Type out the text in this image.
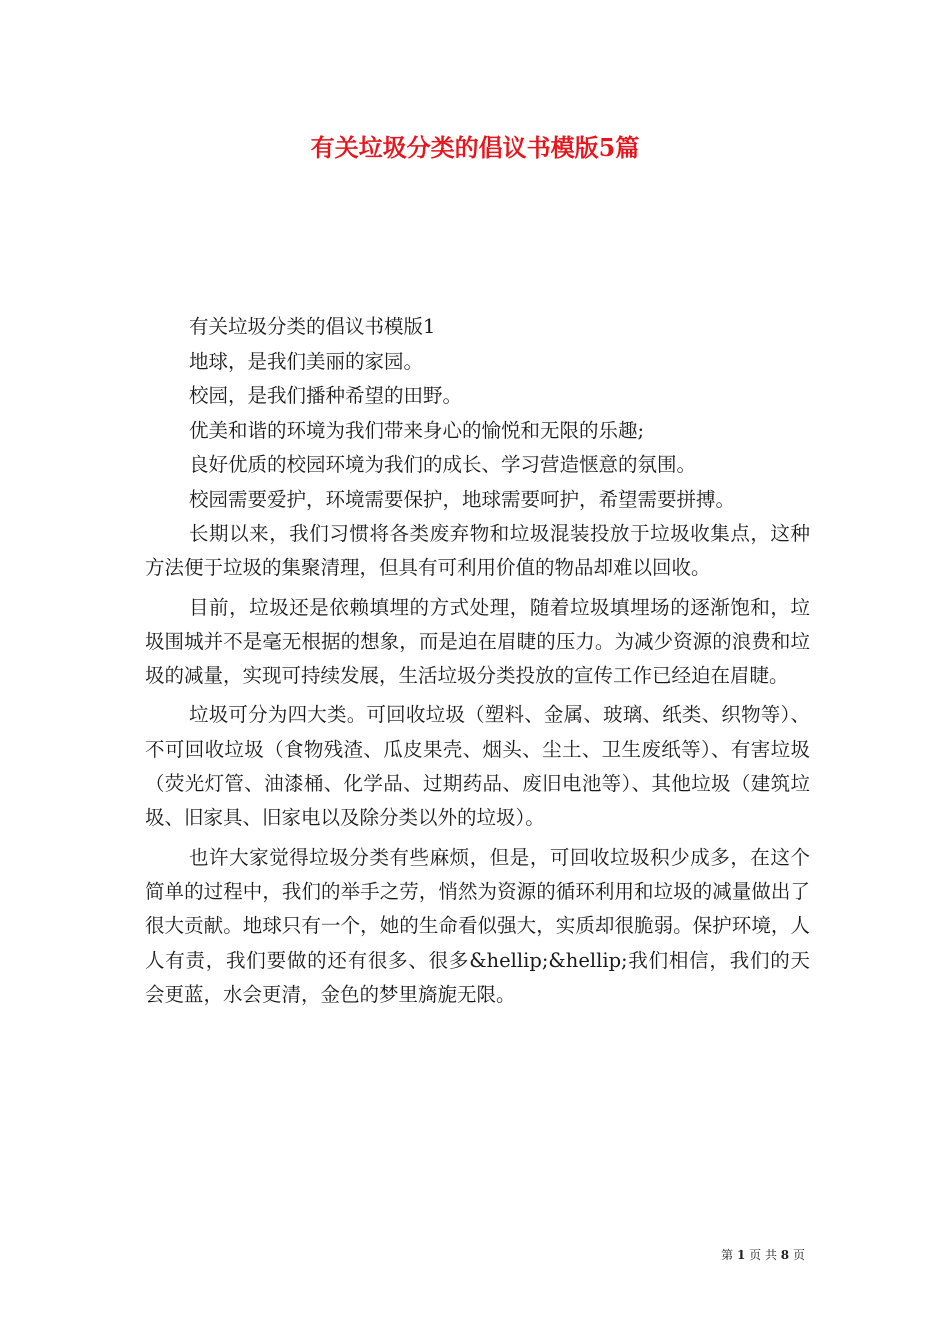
有关垃圾分类的倡议书模版5篇

有关垃圾分类的倡议书模版1

地球，是我们美丽的家园。

校园，是我们播种希望的田野。

优美和谐的环境为我们带来身心的愉悦和无限的乐趣;

良好优质的校园环境为我们的成长、学习营造惬意的氛围。

校园需要爱护，环境需要保护，地球需要呵护，希望需要拼搏。

长期以来，我们习惯将各类废弃物和垃圾混装投放于垃圾收集点，这种方法便于垃圾的集聚清理，但具有可利用价值的物品却难以回收。

目前，垃圾还是依赖填埋的方式处理，随着垃圾填埋场的逐渐饱和，垃圾围城并不是毫无根据的想象，而是迫在眉睫的压力。为减少资源的浪费和垃圾的减量，实现可持续发展，生活垃圾分类投放的宣传工作已经迫在眉睫。

垃圾可分为四大类。可回收垃圾（塑料、金属、玻璃、纸类、织物等）、不可回收垃圾（食物残渣、瓜皮果壳、烟头、尘土、卫生废纸等）、有害垃圾（荧光灯管、油漆桶、化学品、过期药品、废旧电池等）、其他垃圾（建筑垃圾、旧家具、旧家电以及除分类以外的垃圾）。

也许大家觉得垃圾分类有些麻烦，但是，可回收垃圾积少成多，在这个简单的过程中，我们的举手之劳，悄然为资源的循环利用和垃圾的减量做出了很大贡献。地球只有一个，她的生命看似强大，实质却很脆弱。保护环境，人人有责，我们要做的还有很多、很多&hellip;&hellip;我们相信，我们的天会更蓝，水会更清，金色的梦里旖旎无限。

第 1 页 共 8 页
